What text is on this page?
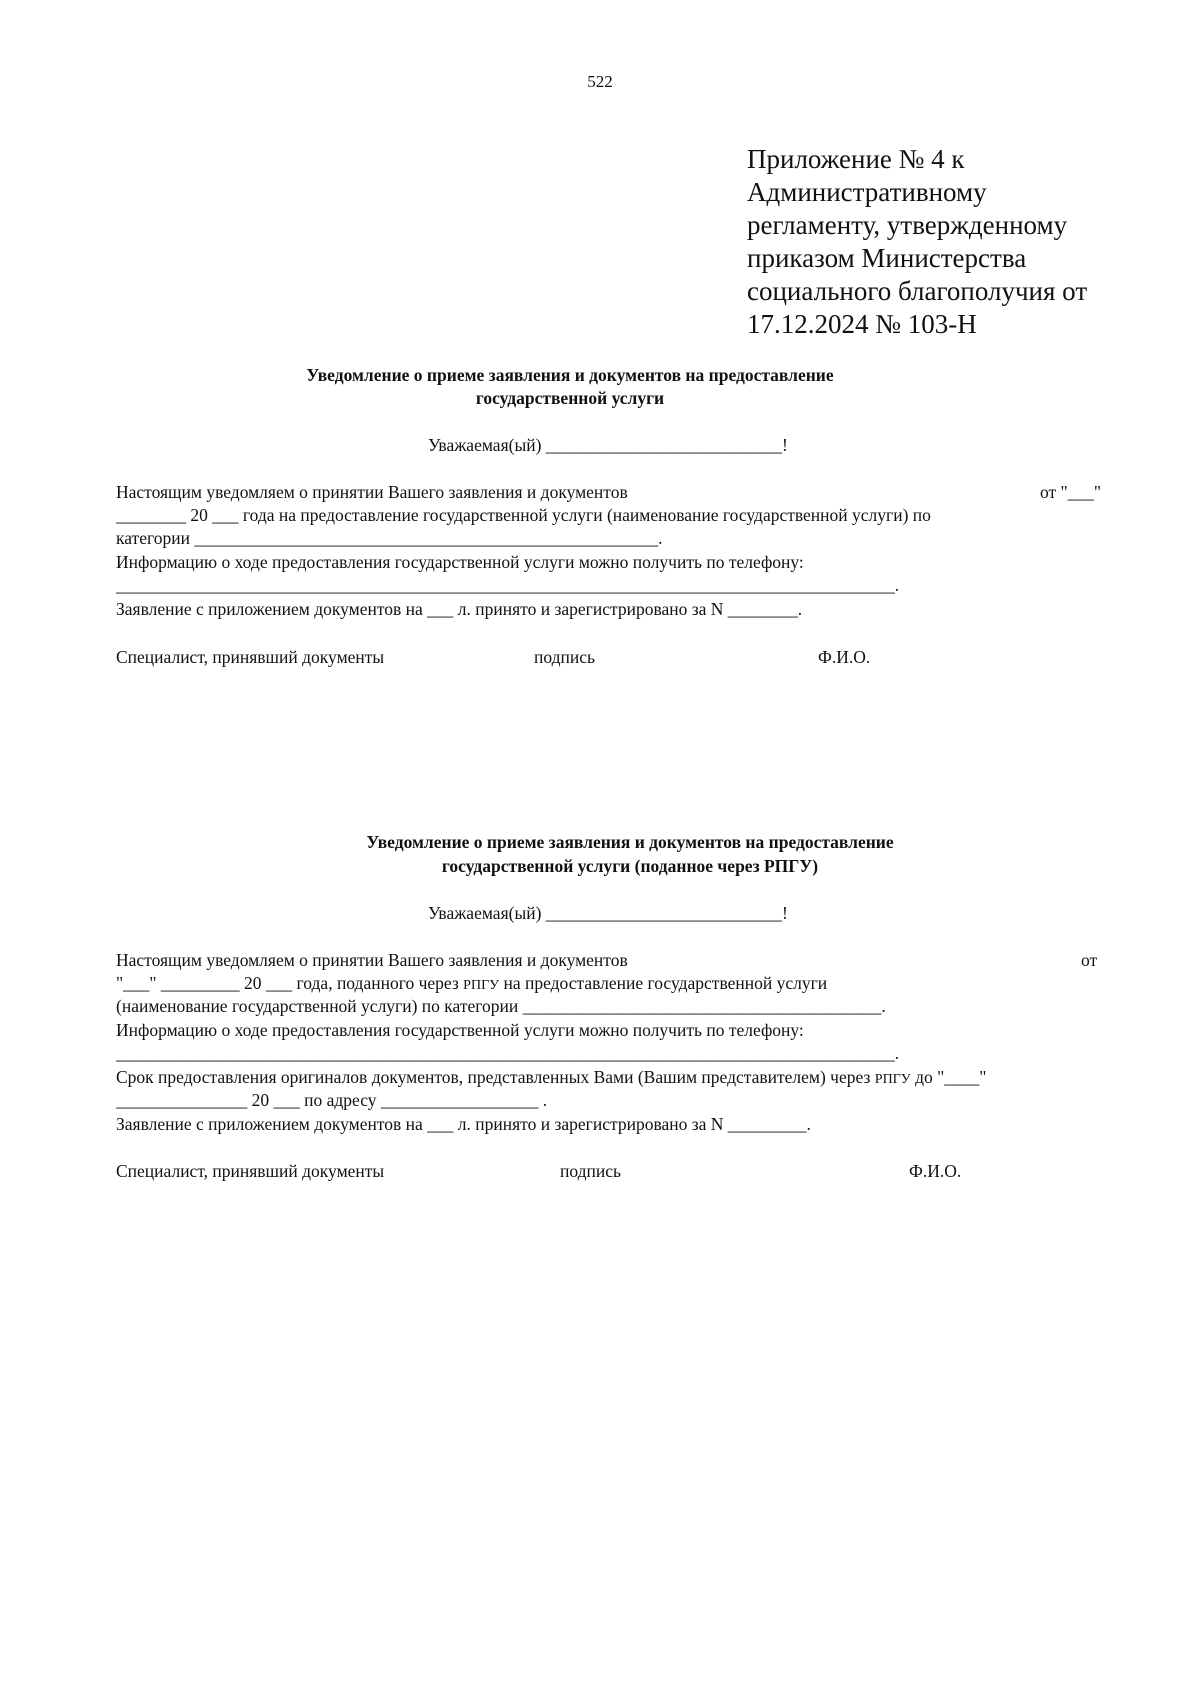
522
Приложение № 4 к
Административному
регламенту, утвержденному
приказом Министерства
социального благополучия от
17.12.2024 № 103-Н
Уведомление о приеме заявления и документов на предоставление
государственной услуги
Уважаемая(ый) ___________________________!
Настоящим уведомляем о принятии Вашего заявления и документов	от "___"
________ 20 ___ года на предоставление государственной услуги (наименование государственной услуги) по
категории _____________________________________________________.
Информацию о ходе предоставления государственной услуги можно получить по телефону:
_________________________________________________________________________________________.
Заявление с приложением документов на ___ л. принято и зарегистрировано за N ________.
Специалист, принявший документы	подпись	Ф.И.О.
Уведомление о приеме заявления и документов на предоставление
государственной услуги (поданное через РПГУ)
Уважаемая(ый) ___________________________!
Настоящим уведомляем о принятии Вашего заявления и документов	от
"___" _________ 20 ___ года, поданного через РПГУ на предоставление государственной услуги
(наименование государственной услуги) по категории _________________________________________.
Информацию о ходе предоставления государственной услуги можно получить по телефону:
_________________________________________________________________________________________.
Срок предоставления оригиналов документов, представленных Вами (Вашим представителем) через РПГУ до "____"
_______________ 20 ___ по адресу __________________ .
Заявление с приложением документов на ___ л. принято и зарегистрировано за N _________.
Специалист, принявший документы	подпись	Ф.И.О.
